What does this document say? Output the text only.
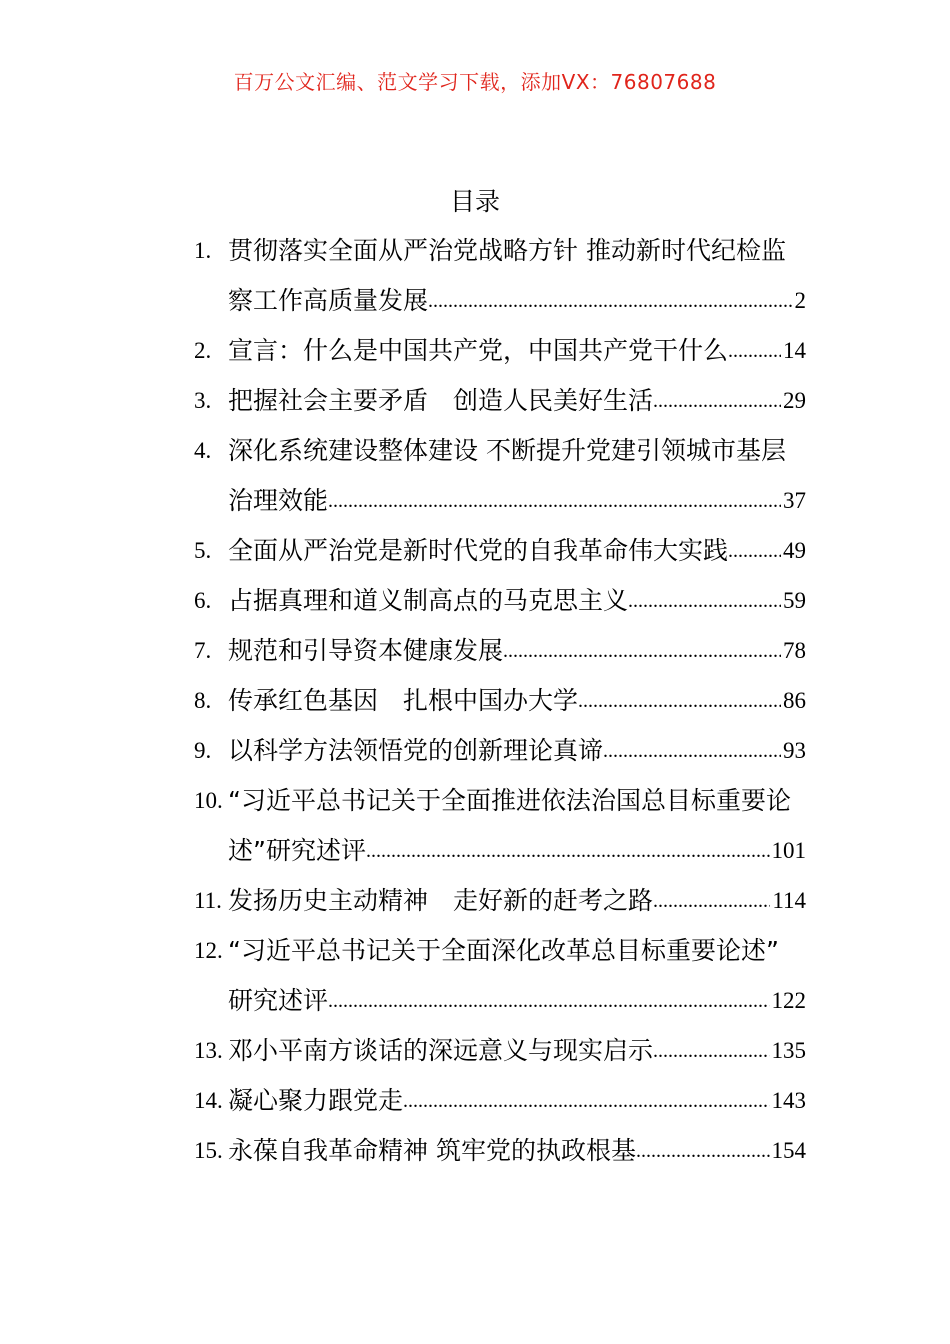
百万公文汇编、范文学习下载，添加VX：76807688
目录
1. 贯彻落实全面从严治党战略方针 推动新时代纪检监
察工作高质量发展 .....	2
2. 宣言：什么是中国共产党，中国共产党干什么 ..... 14
3. 把握社会主要矛盾　创造人民美好生活 .....	29
4. 深化系统建设整体建设 不断提升党建引领城市基层
治理效能 .....	37
5. 全面从严治党是新时代党的自我革命伟大实践 ..... 49
6. 占据真理和道义制高点的马克思主义 .....	59
7. 规范和引导资本健康发展 .....	78
8. 传承红色基因　扎根中国办大学 .....	86
9. 以科学方法领悟党的创新理论真谛 .....	93
10. “习近平总书记关于全面推进依法治国总目标重要论
述”研究述评 .....	101
11. 发扬历史主动精神　走好新的赶考之路 .....	114
12. “习近平总书记关于全面深化改革总目标重要论述”
研究述评 .....	122
13. 邓小平南方谈话的深远意义与现实启示 .....	135
14. 凝心聚力跟党走 .....	143
15. 永葆自我革命精神 筑牢党的执政根基 .....	154
